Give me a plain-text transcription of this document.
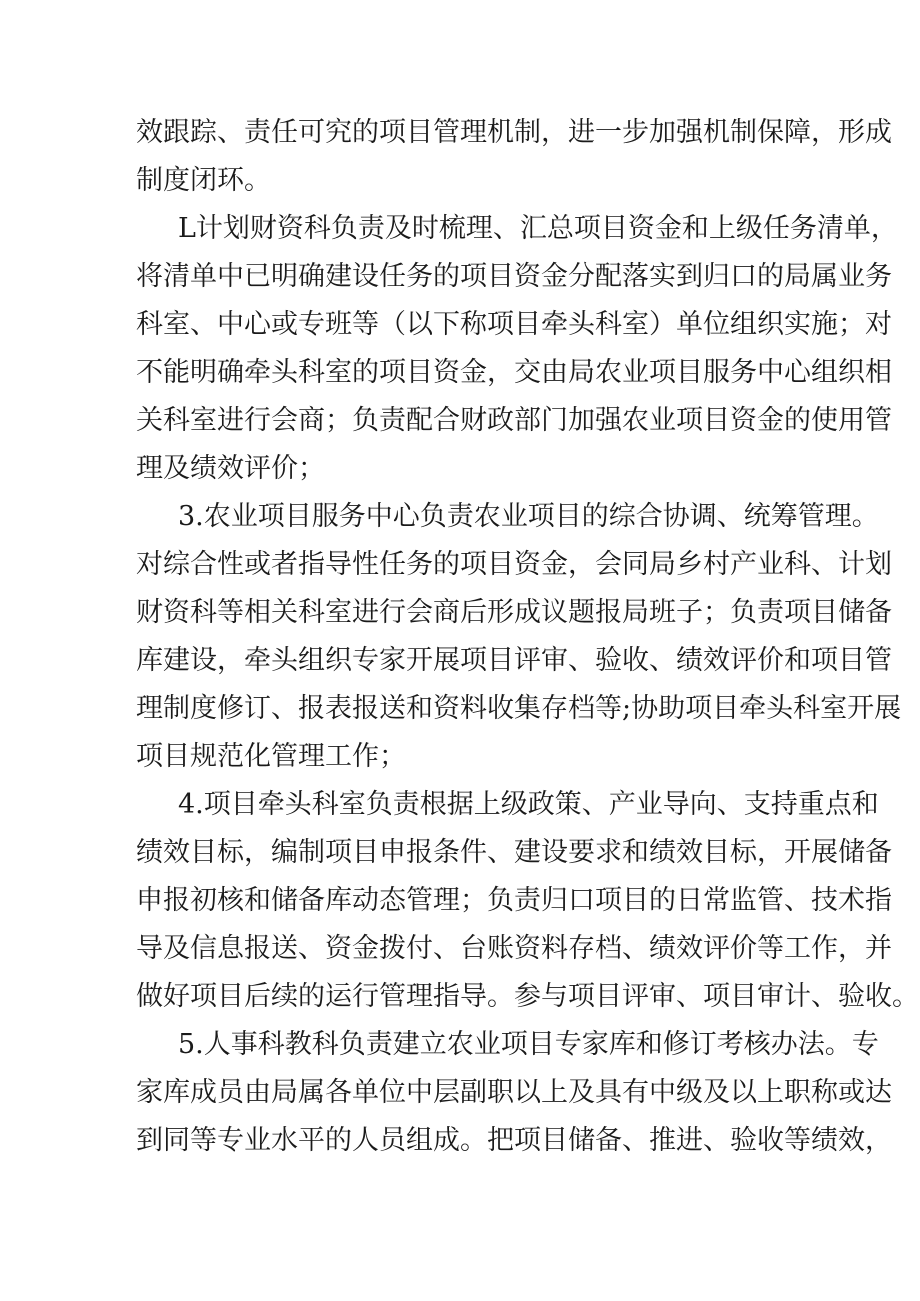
效跟踪、责任可究的项目管理机制，进一步加强机制保障，形成
制度闭环。
L计划财资科负责及时梳理、汇总项目资金和上级任务清单，
将清单中已明确建设任务的项目资金分配落实到归口的局属业务
科室、中心或专班等（以下称项目牵头科室）单位组织实施；对
不能明确牵头科室的项目资金，交由局农业项目服务中心组织相
关科室进行会商；负责配合财政部门加强农业项目资金的使用管
理及绩效评价；
3.农业项目服务中心负责农业项目的综合协调、统筹管理。
对综合性或者指导性任务的项目资金，会同局乡村产业科、计划
财资科等相关科室进行会商后形成议题报局班子；负责项目储备
库建设，牵头组织专家开展项目评审、验收、绩效评价和项目管
理制度修订、报表报送和资料收集存档等;协助项目牵头科室开展
项目规范化管理工作；
4.项目牵头科室负责根据上级政策、产业导向、支持重点和
绩效目标，编制项目申报条件、建设要求和绩效目标，开展储备
申报初核和储备库动态管理；负责归口项目的日常监管、技术指
导及信息报送、资金拨付、台账资料存档、绩效评价等工作，并
做好项目后续的运行管理指导。参与项目评审、项目审计、验收。
5.人事科教科负责建立农业项目专家库和修订考核办法。专
家库成员由局属各单位中层副职以上及具有中级及以上职称或达
到同等专业水平的人员组成。把项目储备、推进、验收等绩效，
